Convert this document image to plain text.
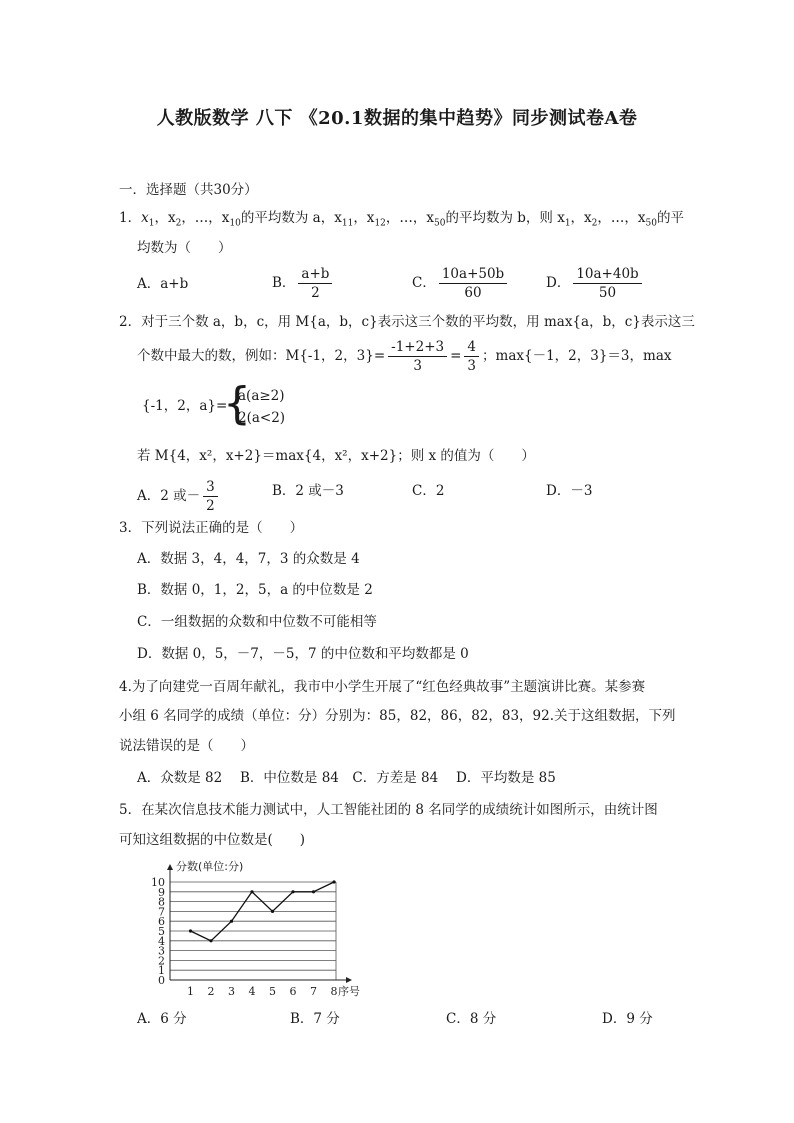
人教版数学 八下 《20.1数据的集中趋势》同步测试卷A卷
一．选择题（共30分）
1．$x_1$，$x_2$，…，$x_{10}$的平均数为 a，$x_{11}$，$x_{12}$，…，$x_{50}$的平均数为 b，则 $x_1$，$x_2$，…，$x_{50}$的平
均数为（　　）
A．a+b	B． $\frac{a+b}{2}$	C． $\frac{10a+50b}{60}$	D． $\frac{10a+40b}{50}$
2．对于三个数 a，b，c，用 M{a，b，c}表示这三个数的平均数，用 max{a，b，c}表示这三
个数中最大的数，例如：M{-1，2，$3\}= \frac{-1+2+3}{3} = \frac{4}{3}$ ；max{－1，2，3}＝3，max
{-1，2，a}=
{
a(a≥2)
2(a<2)
若 M{4，x²，x+2}＝max{4，x²，x+2}；则 x 的值为（　　）
A．2 或－ $\frac{3}{2}$	B．2 或－3	C．2	D．－3
3．下列说法正确的是（　　）
A．数据 3，4，4，7，3 的众数是 4
B．数据 0，1，2，5，a 的中位数是 2
C．一组数据的众数和中位数不可能相等
D．数据 0，5，－7，－5，7 的中位数和平均数都是 0
4.为了向建党一百周年献礼，我市中小学生开展了“红色经典故事”主题演讲比赛。某参赛
小组 6 名同学的成绩（单位：分）分别为：85，82，86，82，83，92.关于这组数据，下列
说法错误的是（　　）
A．众数是 82　 B．中位数是 84　C．方差是 84　 D．平均数是 85
5．在某次信息技术能力测试中，人工智能社团的 8 名同学的成绩统计如图所示，由统计图
可知这组数据的中位数是(　　)
0
1
2
3
4
5
6
7
8
9
10
1 2 3 4 5 6 7 8
分数(单位:分)
序号
A．6 分	B．7 分	C．8 分	D．9 分
